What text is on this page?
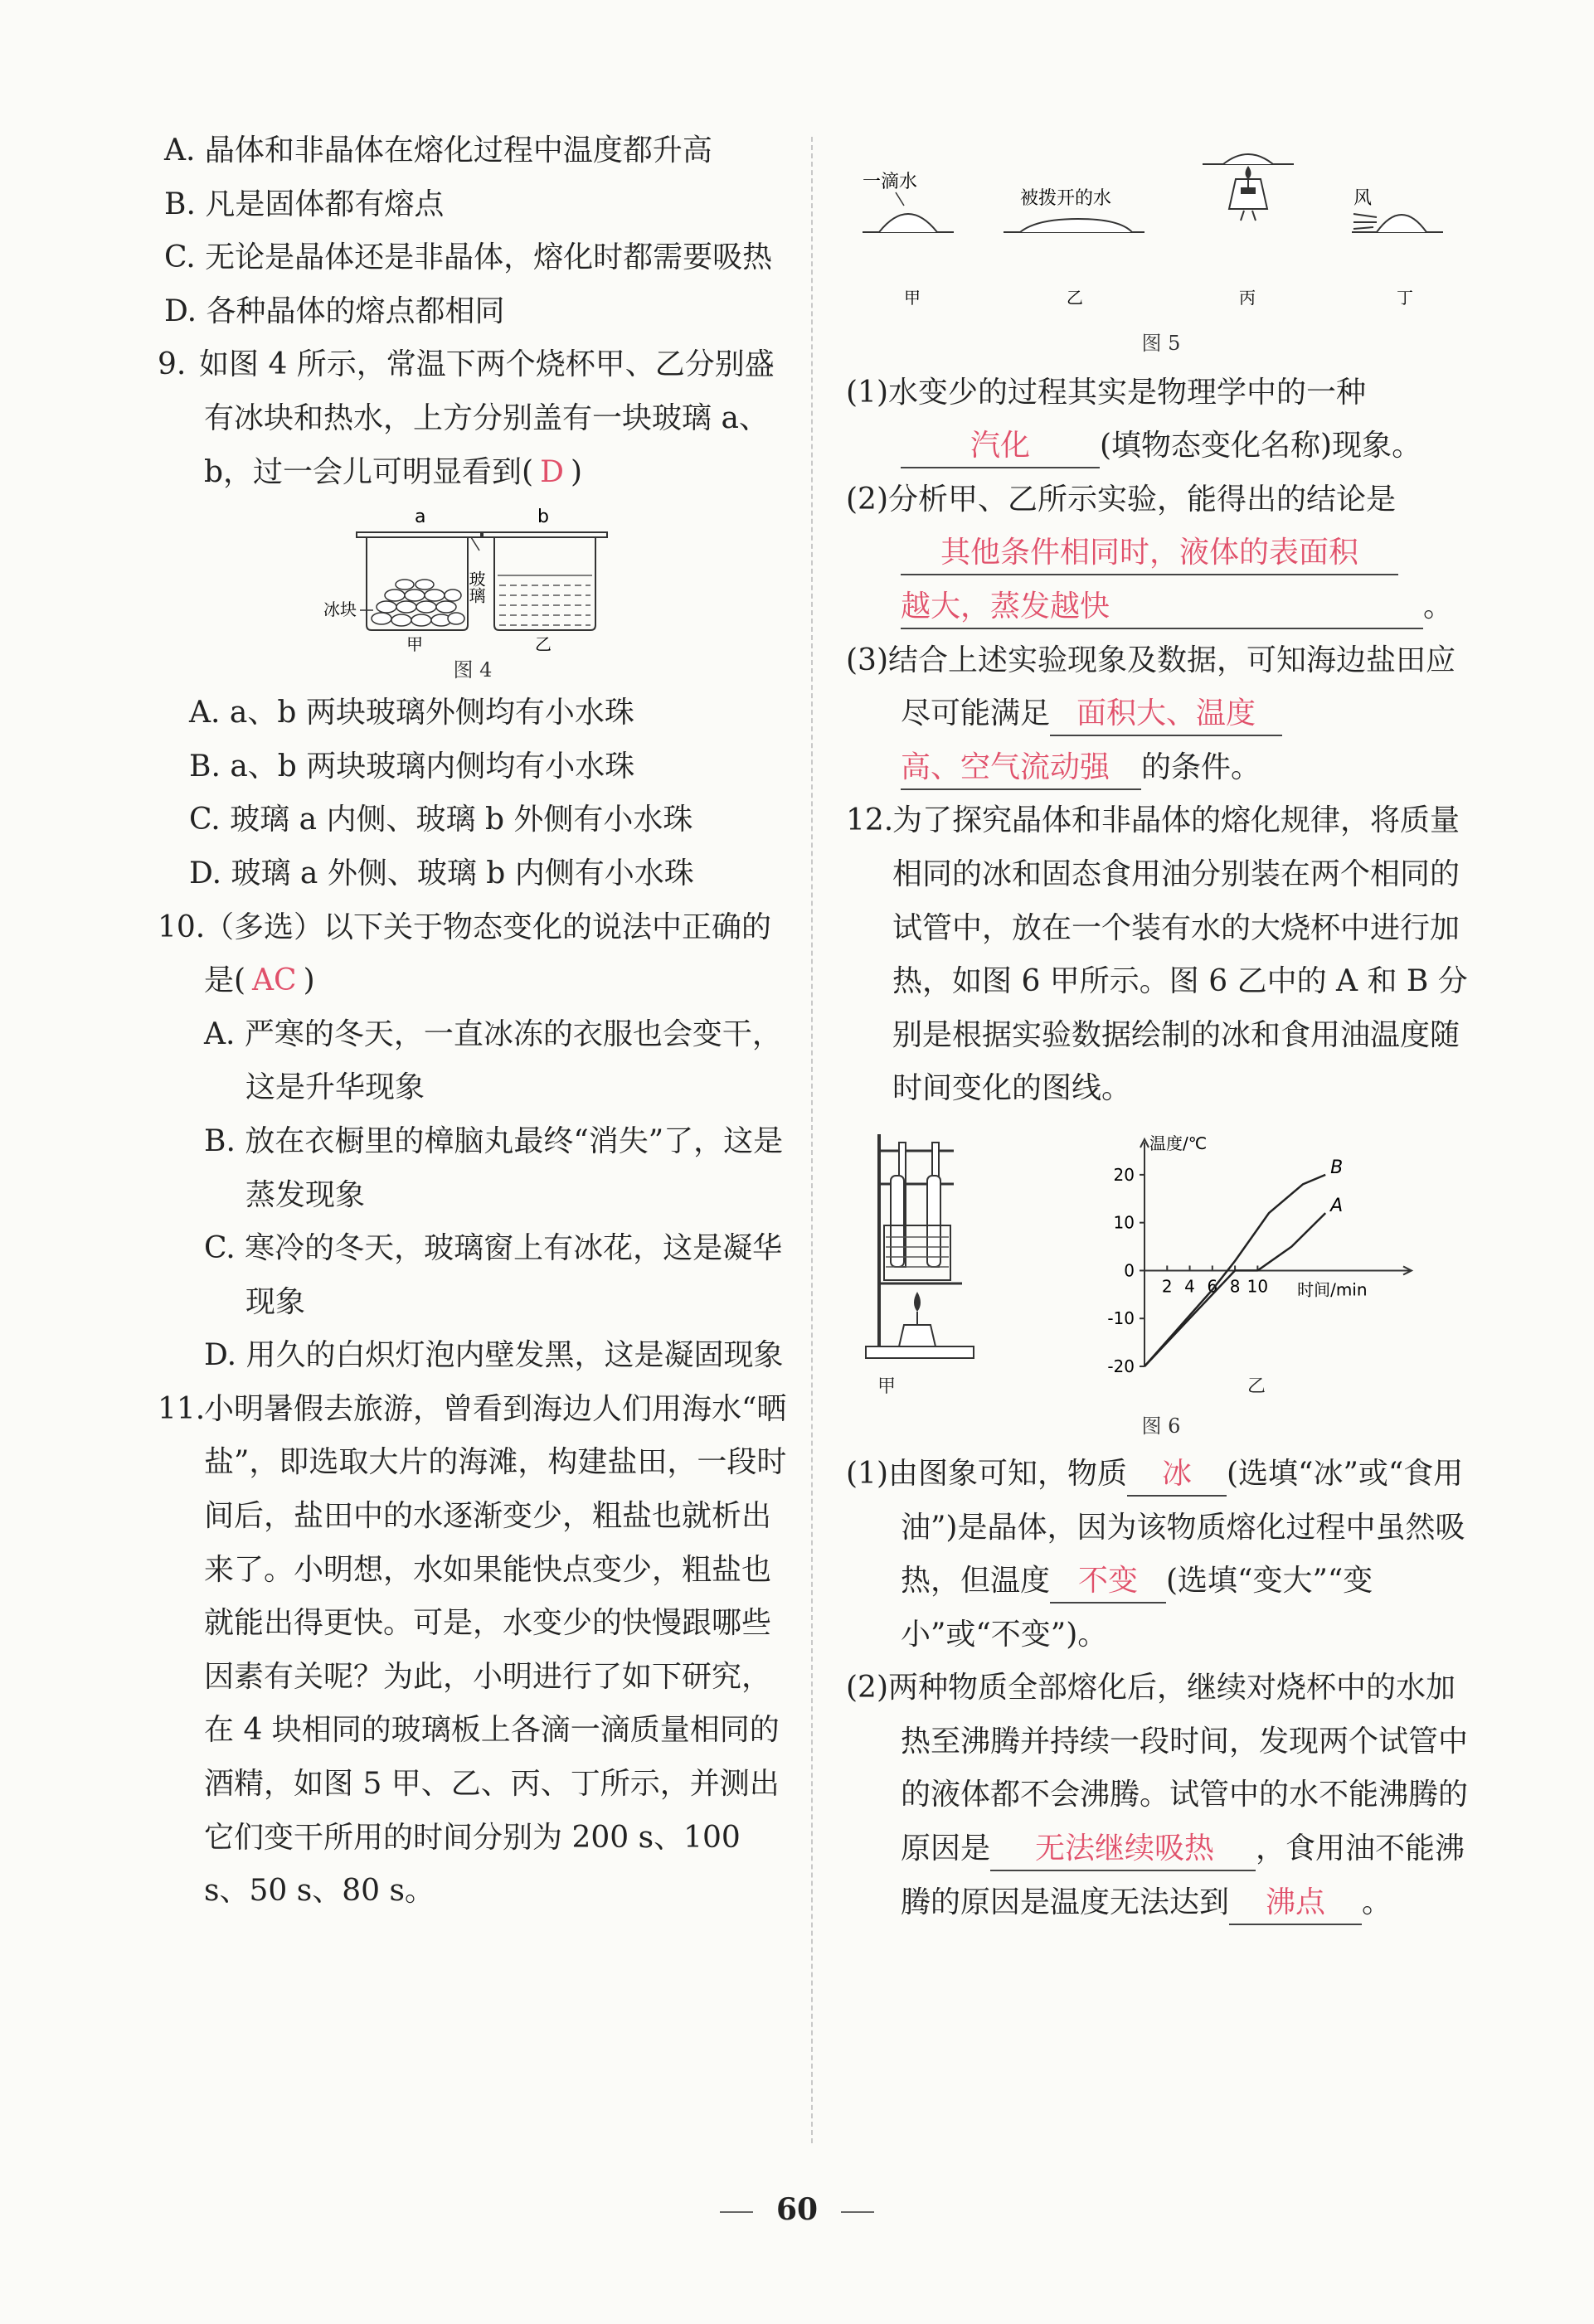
A. 晶体和非晶体在熔化过程中温度都升高

B. 凡是固体都有熔点

C. 无论是晶体还是非晶体，熔化时都需要吸热

D. 各种晶体的熔点都相同

9. 如图 4 所示，常温下两个烧杯甲、乙分别盛有冰块和热水，上方分别盖有一块玻璃 a、b，过一会儿可明显看到( D )

a	b
玻璃
冰块
甲	乙
图 4

A. a、b 两块玻璃外侧均有小水珠

B. a、b 两块玻璃内侧均有小水珠

C. 玻璃 a 内侧、玻璃 b 外侧有小水珠

D. 玻璃 a 外侧、玻璃 b 内侧有小水珠

10.（多选）以下关于物态变化的说法中正确的是( AC )

A. 严寒的冬天，一直冰冻的衣服也会变干，这是升华现象

B. 放在衣橱里的樟脑丸最终“消失”了，这是蒸发现象

C. 寒冷的冬天，玻璃窗上有冰花，这是凝华现象

D. 用久的白炽灯泡内壁发黑，这是凝固现象

11.小明暑假去旅游，曾看到海边人们用海水“晒盐”，即选取大片的海滩，构建盐田，一段时间后，盐田中的水逐渐变少，粗盐也就析出来了。小明想，水如果能快点变少，粗盐也就能出得更快。可是，水变少的快慢跟哪些因素有关呢？为此，小明进行了如下研究，在 4 块相同的玻璃板上各滴一滴质量相同的酒精，如图 5 甲、乙、丙、丁所示，并测出它们变干所用的时间分别为 200 s、100 s、50 s、80 s。

一滴水
被拨开的水	风
甲	乙	丙	丁
图 5

(1)水变少的过程其实是物理学中的一种汽化 (填物态变化名称)现象。

(2)分析甲、乙所示实验，能得出的结论是其他条件相同时，液体的表面积越大，蒸发越快	。

(3)结合上述实验现象及数据，可知海边盐田应尽可能满足 面积大、温度高、空气流动强 的条件。

12.为了探究晶体和非晶体的熔化规律，将质量相同的冰和固态食用油分别装在两个相同的试管中，放在一个装有水的大烧杯中进行加热，如图 6 甲所示。图 6 乙中的 A 和 B 分别是根据实验数据绘制的冰和食用油温度随时间变化的图线。

温度/℃
时间/min
20
10
0
-10
-20
2 4 6 8 10
A
B
甲	乙
图 6

(1)由图象可知，物质 冰 (选填“冰”或“食用油”)是晶体，因为该物质熔化过程中虽然吸热，但温度 不变 (选填“变大”“变小”或“不变”)。

(2)两种物质全部熔化后，继续对烧杯中的水加热至沸腾并持续一段时间，发现两个试管中的液体都不会沸腾。试管中的水不能沸腾的原因是 无法继续吸热 ，食用油不能沸腾的原因是温度无法达到 沸点 。

60
